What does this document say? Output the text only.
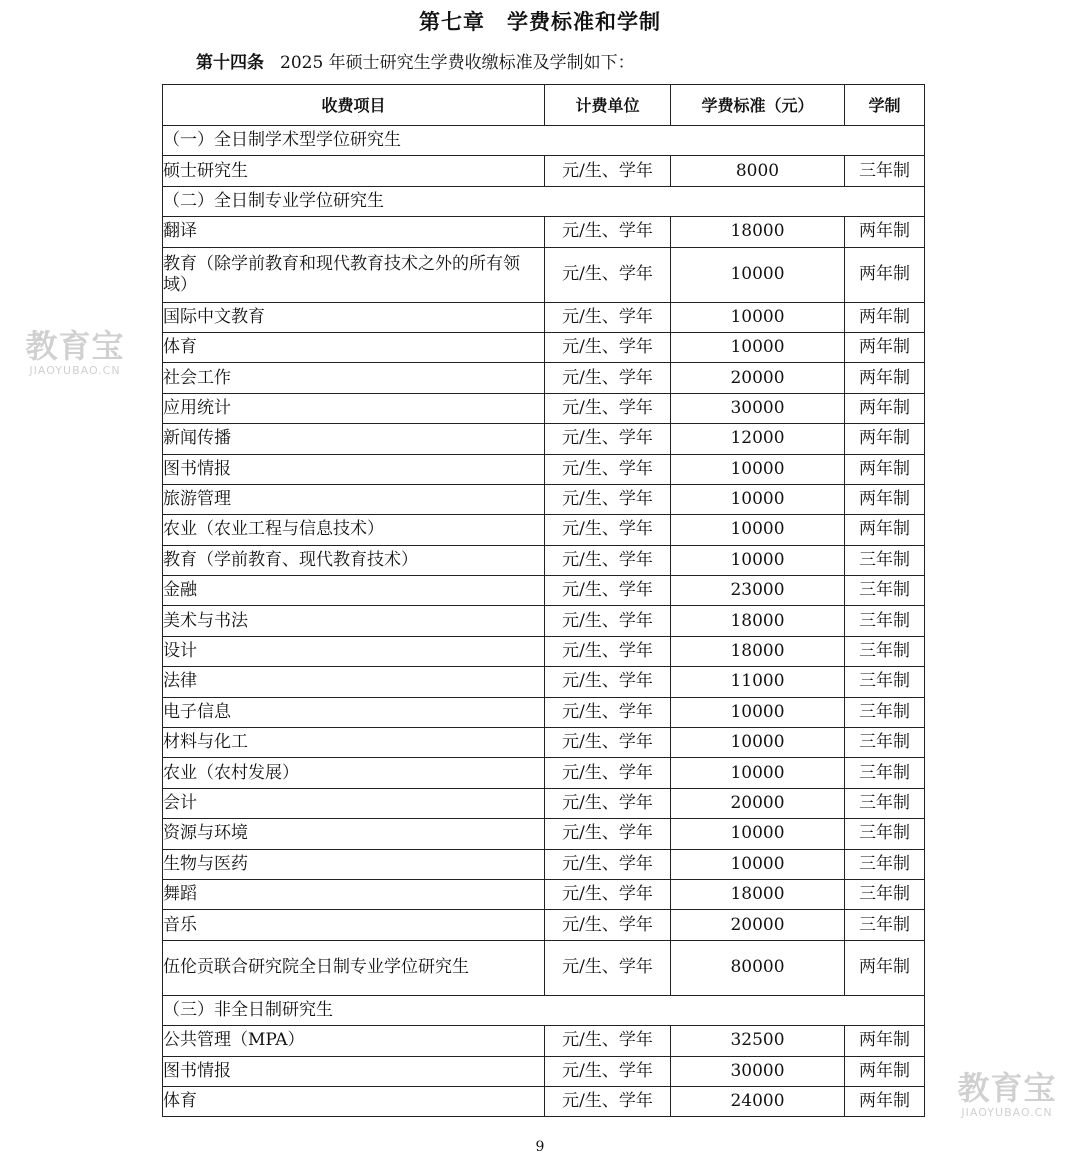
第七章　学费标准和学制
第十四条 2025 年硕士研究生学费收缴标准及学制如下：
收费项目	计费单位	学费标准（元）	学制
（一）全日制学术型学位研究生			
硕士研究生	元/生、学年	8000	三年制
（二）全日制专业学位研究生			
翻译	元/生、学年	18000	两年制
教育（除学前教育和现代教育技术之外的所有领域）	元/生、学年	10000	两年制
国际中文教育	元/生、学年	10000	两年制
体育	元/生、学年	10000	两年制
社会工作	元/生、学年	20000	两年制
应用统计	元/生、学年	30000	两年制
新闻传播	元/生、学年	12000	两年制
图书情报	元/生、学年	10000	两年制
旅游管理	元/生、学年	10000	两年制
农业（农业工程与信息技术）	元/生、学年	10000	两年制
教育（学前教育、现代教育技术）	元/生、学年	10000	三年制
金融	元/生、学年	23000	三年制
美术与书法	元/生、学年	18000	三年制
设计	元/生、学年	18000	三年制
法律	元/生、学年	11000	三年制
电子信息	元/生、学年	10000	三年制
材料与化工	元/生、学年	10000	三年制
农业（农村发展）	元/生、学年	10000	三年制
会计	元/生、学年	20000	三年制
资源与环境	元/生、学年	10000	三年制
生物与医药	元/生、学年	10000	三年制
舞蹈	元/生、学年	18000	三年制
音乐	元/生、学年	20000	三年制
伍伦贡联合研究院全日制专业学位研究生	元/生、学年	80000	两年制
（三）非全日制研究生			
公共管理（MPA）	元/生、学年	32500	两年制
图书情报	元/生、学年	30000	两年制
体育	元/生、学年	24000	两年制
教育宝
JIAOYUBAO.CN
教育宝
JIAOYUBAO.CN
9
